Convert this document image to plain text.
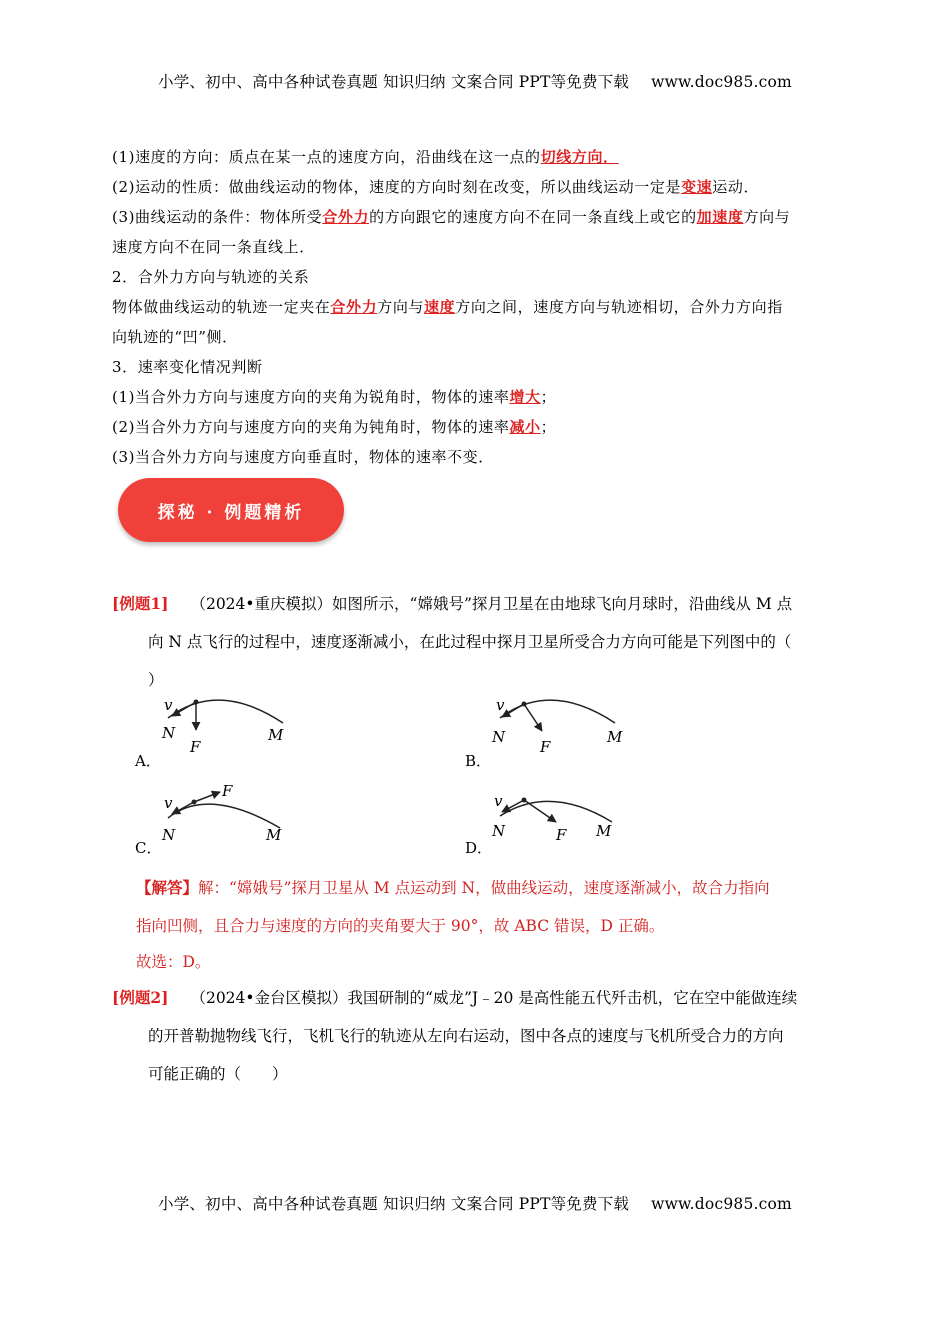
小学、初中、高中各种试卷真题 知识归纳 文案合同 PPT等免费下载 www.doc985.com
(1)速度的方向：质点在某一点的速度方向，沿曲线在这一点的切线方向．
(2)运动的性质：做曲线运动的物体，速度的方向时刻在改变，所以曲线运动一定是变速运动．
(3)曲线运动的条件：物体所受合外力的方向跟它的速度方向不在同一条直线上或它的加速度方向与
速度方向不在同一条直线上．
2．合外力方向与轨迹的关系
物体做曲线运动的轨迹一定夹在合外力方向与速度方向之间，速度方向与轨迹相切，合外力方向指
向轨迹的“凹”侧．
3．速率变化情况判断
(1)当合外力方向与速度方向的夹角为锐角时，物体的速率增大；
(2)当合外力方向与速度方向的夹角为钝角时，物体的速率减小；
(3)当合外力方向与速度方向垂直时，物体的速率不变．
探秘 · 例题精析
[例题1] （2024•重庆模拟）如图所示，“嫦娥号”探月卫星在由地球飞向月球时，沿曲线从 M 点
向 N 点飞行的过程中，速度逐渐减小，在此过程中探月卫星所受合力方向可能是下列图中的（
）
v
N
F
M
A．
v
N
F
M
B．
v
N
F
M
C．
v
N	F M
D．
【解答】解：“嫦娥号”探月卫星从 M 点运动到 N，做曲线运动，速度逐渐减小，故合力指向
指向凹侧，且合力与速度的方向的夹角要大于 90°，故 ABC 错误，D 正确。
故选：D。
[例题2] （2024•金台区模拟）我国研制的“威龙”J﹣20 是高性能五代歼击机，它在空中能做连续
的开普勒抛物线飞行，飞机飞行的轨迹从左向右运动，图中各点的速度与飞机所受合力的方向
可能正确的（　　）
小学、初中、高中各种试卷真题 知识归纳 文案合同 PPT等免费下载 www.doc985.com
